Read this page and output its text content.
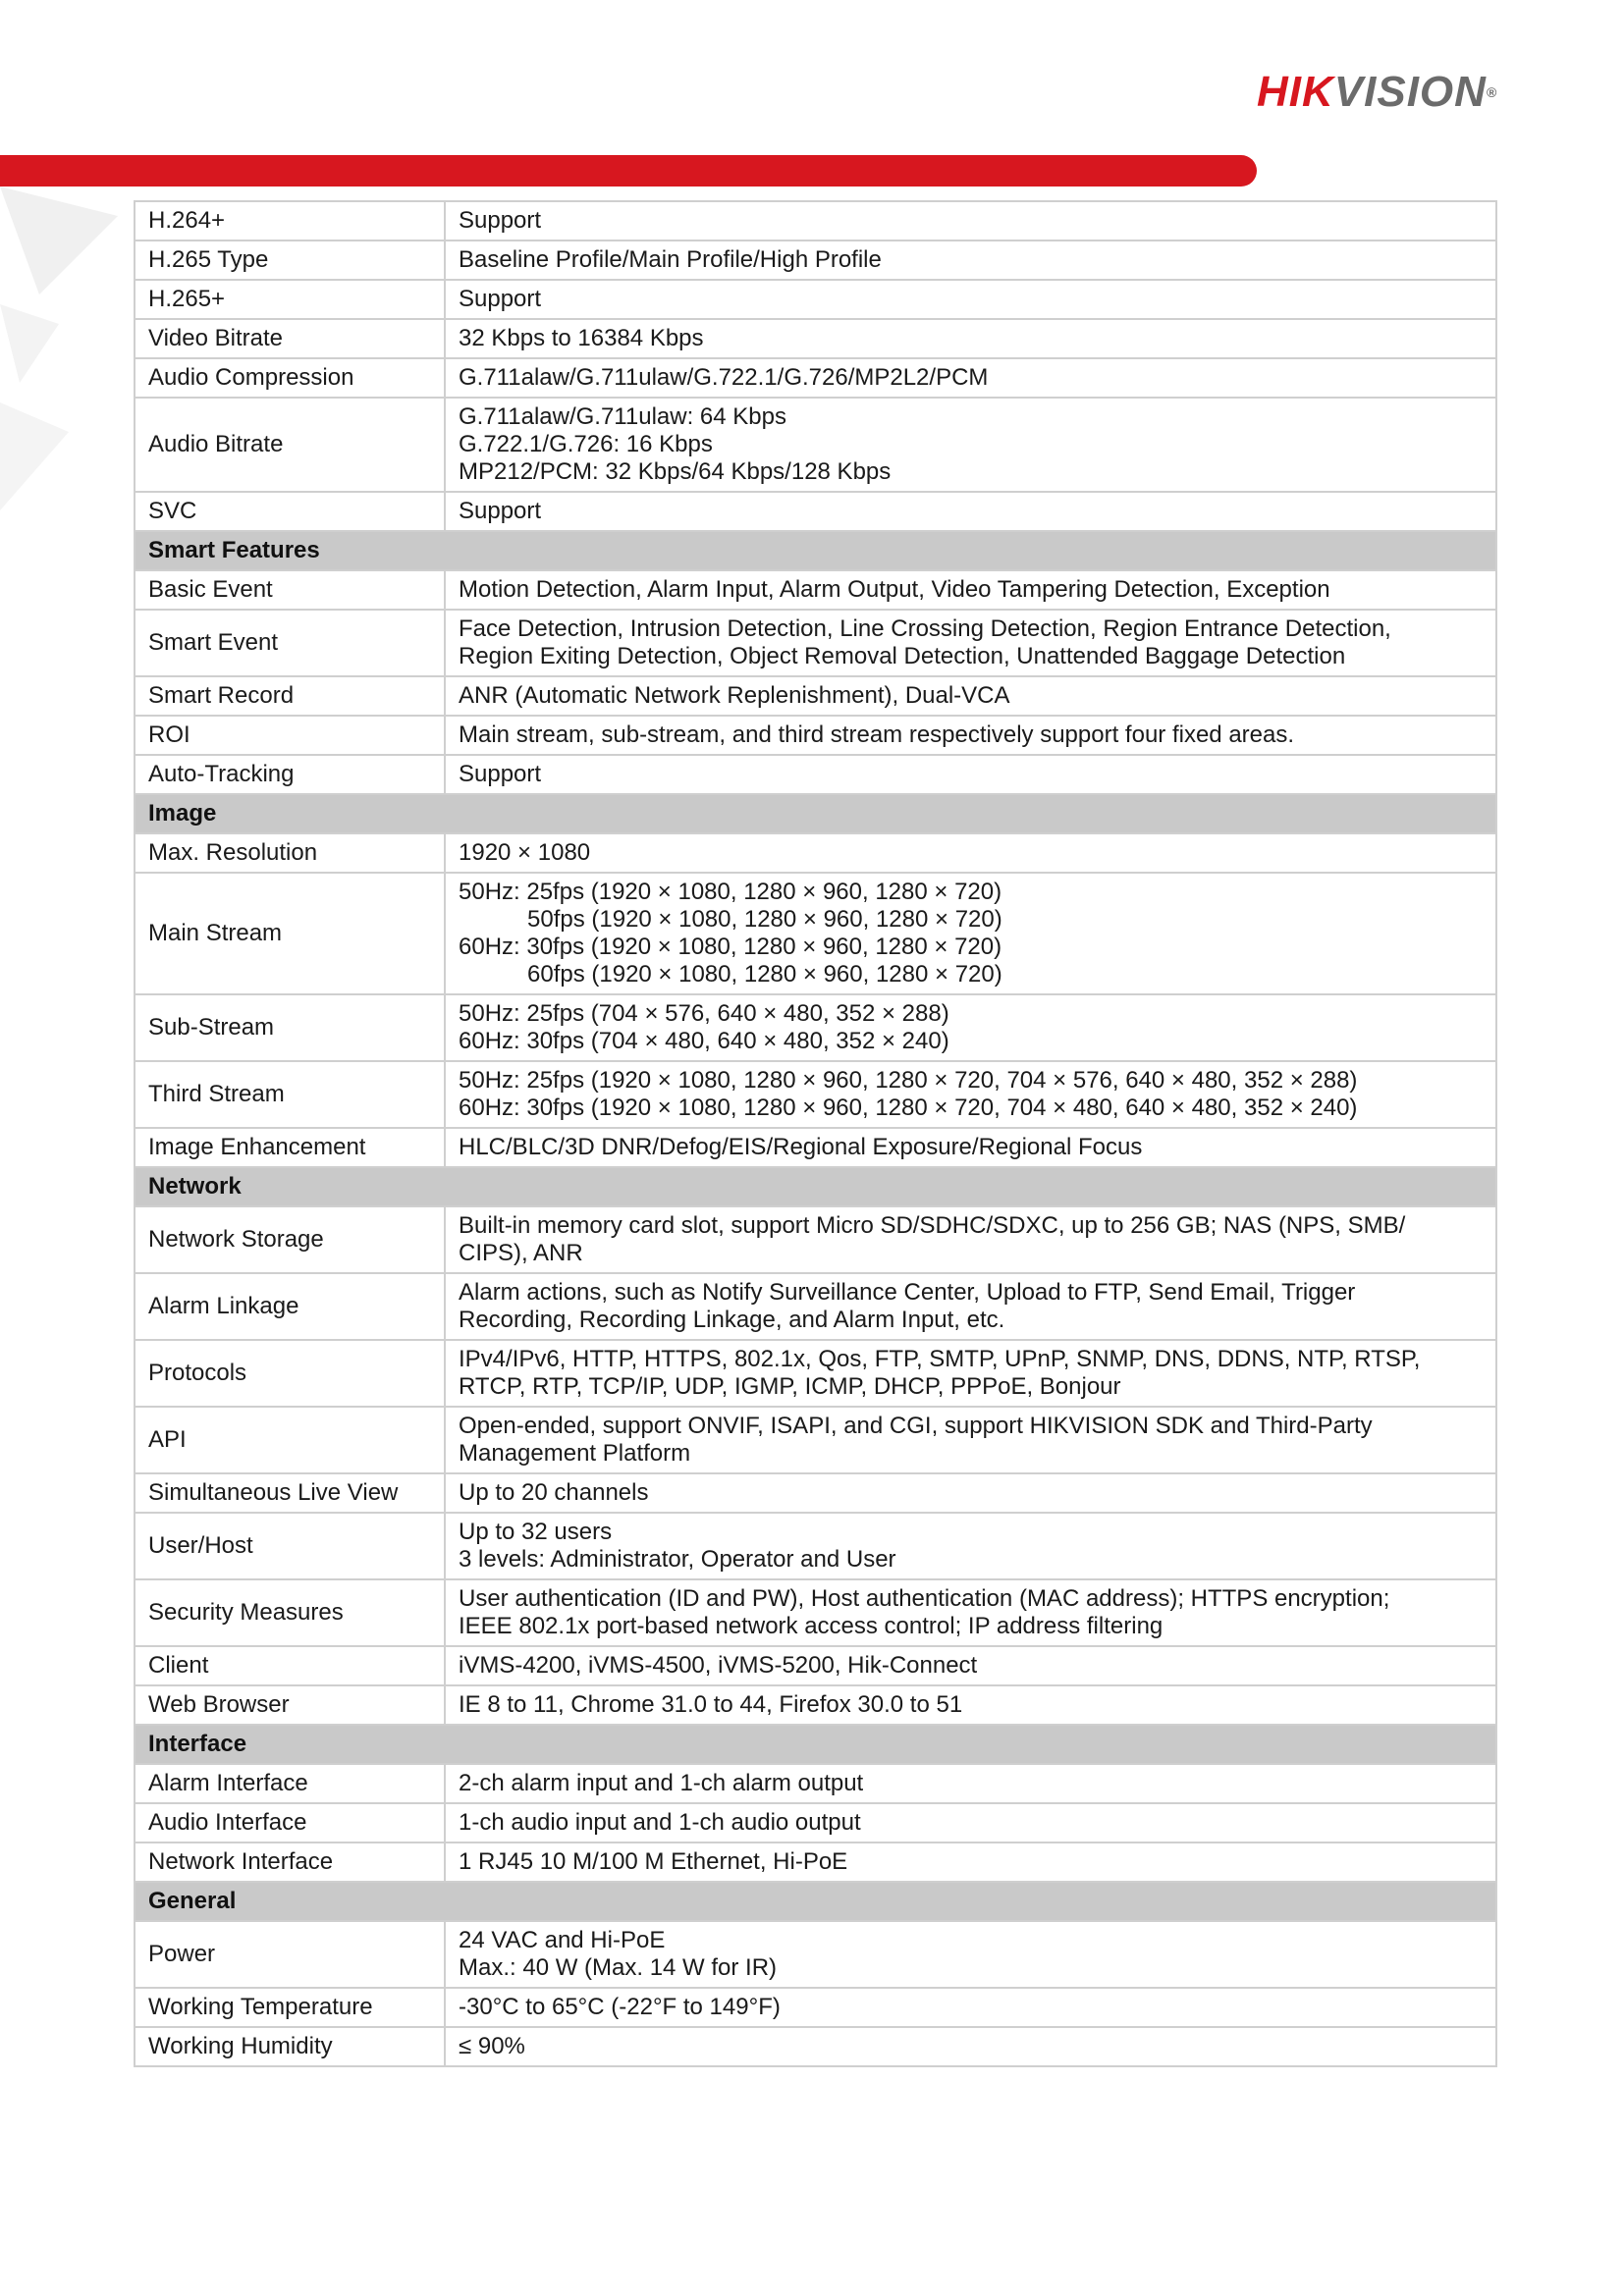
HIKVISION®
H.264+	Support

H.265 Type	Baseline Profile/Main Profile/High Profile

H.265+	Support

Video Bitrate	32 Kbps to 16384 Kbps

Audio Compression	G.711alaw/G.711ulaw/G.722.1/G.726/MP2L2/PCM

Audio Bitrate	G.711alaw/G.711ulaw: 64 Kbps
G.722.1/G.726: 16 Kbps
MP212/PCM: 32 Kbps/64 Kbps/128 Kbps

SVC	Support

Smart Features	
Basic Event	Motion Detection, Alarm Input, Alarm Output, Video Tampering Detection, Exception

Smart Event	Face Detection, Intrusion Detection, Line Crossing Detection, Region Entrance Detection,
Region Exiting Detection, Object Removal Detection, Unattended Baggage Detection

Smart Record	ANR (Automatic Network Replenishment), Dual-VCA

ROI	Main stream, sub-stream, and third stream respectively support four fixed areas.

Auto-Tracking	Support

Image	
Max. Resolution	1920 × 1080

Main Stream	50Hz: 25fps (1920 × 1080, 1280 × 960, 1280 × 720)
50fps (1920 × 1080, 1280 × 960, 1280 × 720)
60Hz: 30fps (1920 × 1080, 1280 × 960, 1280 × 720)
60fps (1920 × 1080, 1280 × 960, 1280 × 720)

Sub-Stream	50Hz: 25fps (704 × 576, 640 × 480, 352 × 288)
60Hz: 30fps (704 × 480, 640 × 480, 352 × 240)

Third Stream	50Hz: 25fps (1920 × 1080, 1280 × 960, 1280 × 720, 704 × 576, 640 × 480, 352 × 288)
60Hz: 30fps (1920 × 1080, 1280 × 960, 1280 × 720, 704 × 480, 640 × 480, 352 × 240)

Image Enhancement	HLC/BLC/3D DNR/Defog/EIS/Regional Exposure/Regional Focus

Network	
Network Storage	Built-in memory card slot, support Micro SD/SDHC/SDXC, up to 256 GB; NAS (NPS, SMB/
CIPS), ANR

Alarm Linkage	Alarm actions, such as Notify Surveillance Center, Upload to FTP, Send Email, Trigger
Recording, Recording Linkage, and Alarm Input, etc.

Protocols	IPv4/IPv6, HTTP, HTTPS, 802.1x, Qos, FTP, SMTP, UPnP, SNMP, DNS, DDNS, NTP, RTSP,
RTCP, RTP, TCP/IP, UDP, IGMP, ICMP, DHCP, PPPoE, Bonjour

API	Open-ended, support ONVIF, ISAPI, and CGI, support HIKVISION SDK and Third-Party
Management Platform

Simultaneous Live View	Up to 20 channels

User/Host	Up to 32 users
3 levels: Administrator, Operator and User

Security Measures	User authentication (ID and PW), Host authentication (MAC address); HTTPS encryption;
IEEE 802.1x port-based network access control; IP address filtering

Client	iVMS-4200, iVMS-4500, iVMS-5200, Hik-Connect

Web Browser	IE 8 to 11, Chrome 31.0 to 44, Firefox 30.0 to 51

Interface	
Alarm Interface	2-ch alarm input and 1-ch alarm output

Audio Interface	1-ch audio input and 1-ch audio output

Network Interface	1 RJ45 10 M/100 M Ethernet, Hi-PoE

General	
Power	24 VAC and Hi-PoE
Max.: 40 W (Max. 14 W for IR)

Working Temperature	-30°C to 65°C (-22°F to 149°F)

Working Humidity	≤ 90%
